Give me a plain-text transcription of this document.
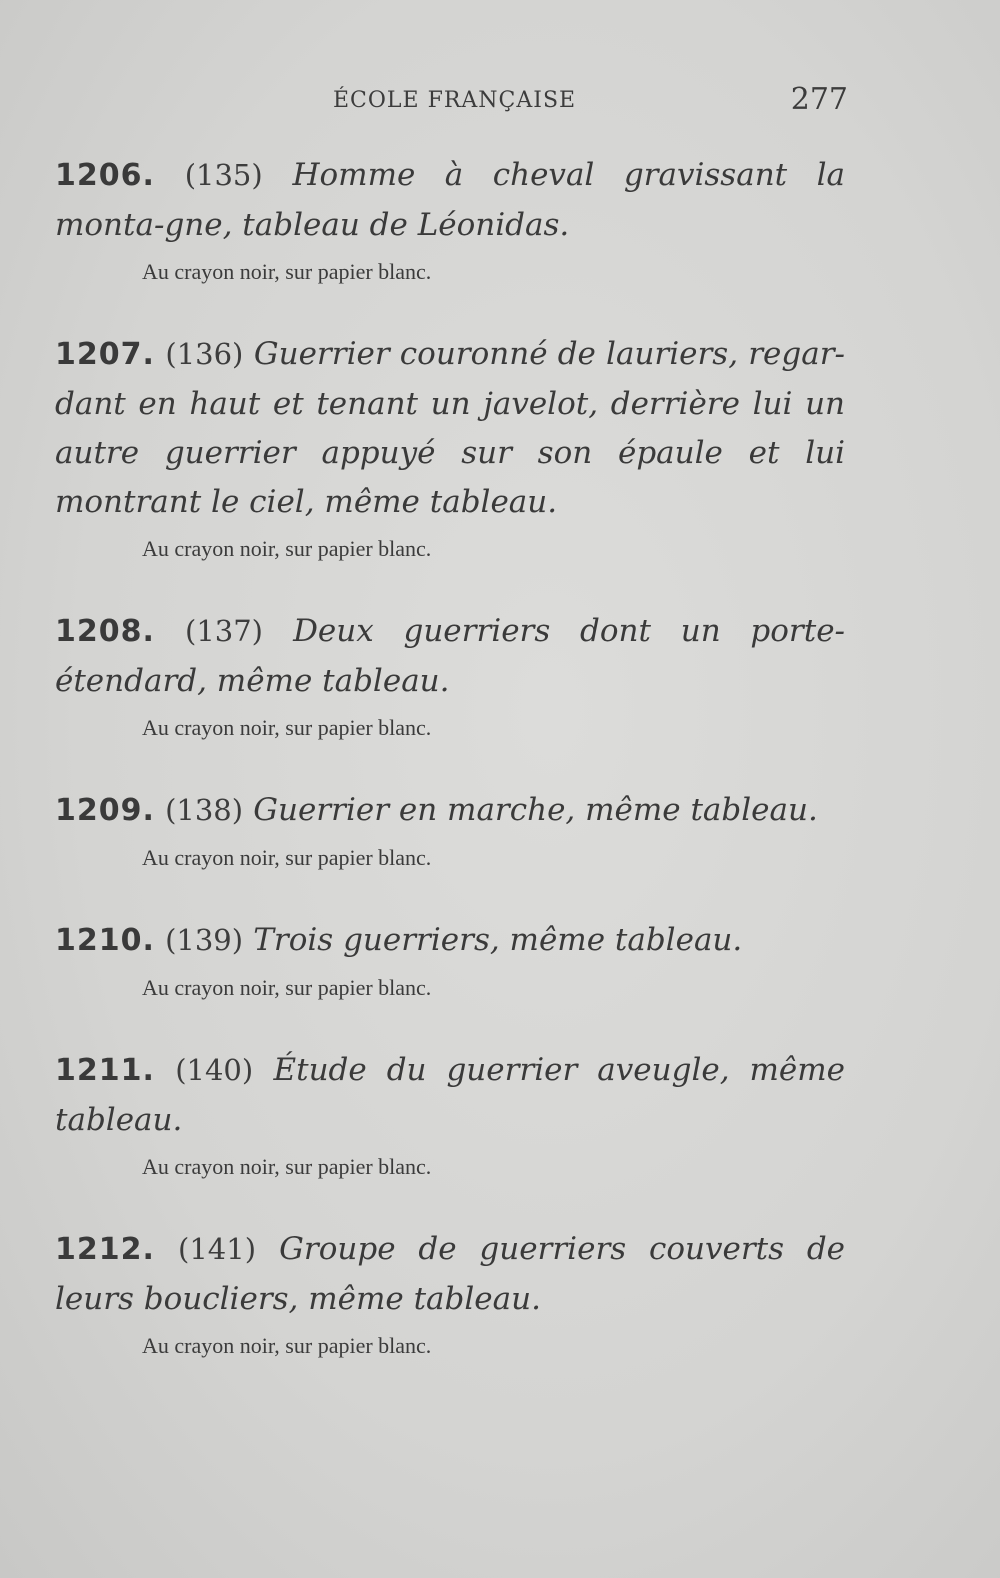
ÉCOLE FRANÇAISE	277
1206. (135) Homme à cheval gravissant la monta-gne, tableau de Léonidas.
Au crayon noir, sur papier blanc.
1207. (136) Guerrier couronné de lauriers, regar-dant en haut et tenant un javelot, derrière lui un autre guerrier appuyé sur son épaule et lui montrant le ciel, même tableau.
Au crayon noir, sur papier blanc.
1208. (137) Deux guerriers dont un porte-étendard, même tableau.
Au crayon noir, sur papier blanc.
1209. (138) Guerrier en marche, même tableau.
Au crayon noir, sur papier blanc.
1210. (139) Trois guerriers, même tableau.
Au crayon noir, sur papier blanc.
1211. (140) Étude du guerrier aveugle, même tableau.
Au crayon noir, sur papier blanc.
1212. (141) Groupe de guerriers couverts de leurs boucliers, même tableau.
Au crayon noir, sur papier blanc.
